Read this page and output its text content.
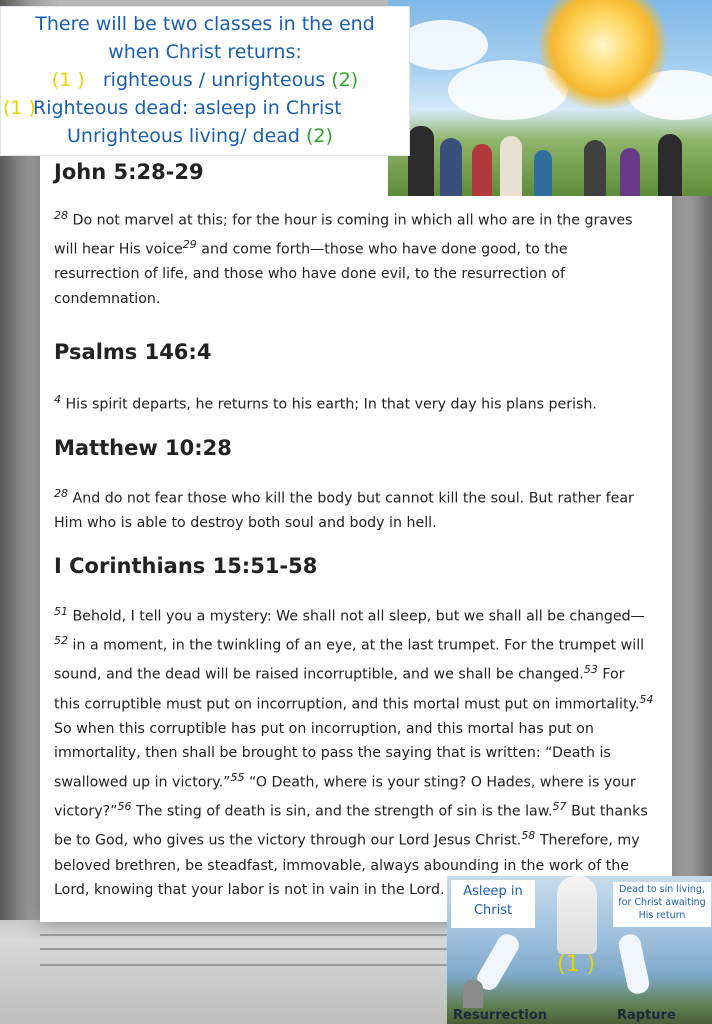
John 5:28-29

$^{28}$ Do not marvel at this; for the hour is coming in which all who are in the graves will hear His voice$^{29}$ and come forth—those who have done good, to the resurrection of life, and those who have done evil, to the resurrection of condemnation.

Psalms 146:4

$^4$ His spirit departs, he returns to his earth; In that very day his plans perish.

Matthew 10:28

$^{28}$ And do not fear those who kill the body but cannot kill the soul. But rather fear Him who is able to destroy both soul and body in hell.

I Corinthians 15:51-58

$^{51}$ Behold, I tell you a mystery: We shall not all sleep, but we shall all be changed—
$^{52}$ in a moment, in the twinkling of an eye, at the last trumpet. For the trumpet will sound, and the dead will be raised incorruptible, and we shall be changed.$^{53}$ For this corruptible must put on incorruption, and this mortal must put on immortality.$^{54}$ So when this corruptible has put on incorruption, and this mortal has put on immortality, then shall be brought to pass the saying that is written: “Death is swallowed up in victory.”$^{55}$ “O Death, where is your sting? O Hades, where is your victory?”$^{56}$ The sting of death is sin, and the strength of sin is the law.$^{57}$ But thanks be to God, who gives us the victory through our Lord Jesus Christ.$^{58}$ Therefore, my beloved brethren, be steadfast, immovable, always abounding in the work of the Lord, knowing that your labor is not in vain in the Lord.

There will be two classes in the end
when Christ returns:
(1 ) righteous / unrighteous (2)
(1 )
Righteous dead: asleep in Christ
Unrighteous living/ dead (2)
Asleep in
Christ
Dead to sin living,
for Christ awaiting
His return
(1 )
Resurrection	Rapture
